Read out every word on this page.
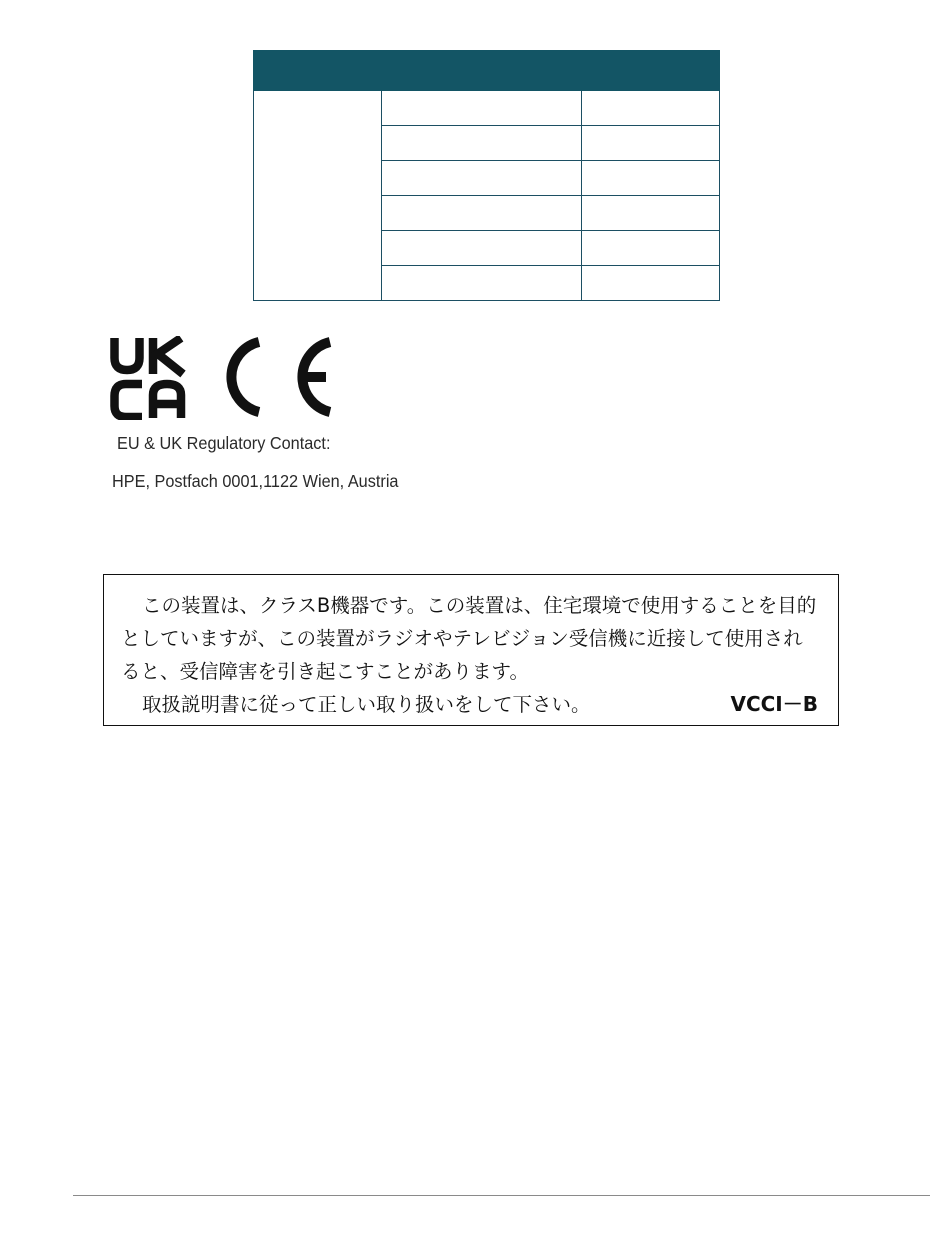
EU & UK Regulatory Contact:
HPE, Postfach 0001,1122 Wien, Austria
この装置は、クラスB機器です。この装置は、住宅環境で使用することを目的
としていますが、この装置がラジオやテレビジョン受信機に近接して使用され
ると、受信障害を引き起こすことがあります。
取扱説明書に従って正しい取り扱いをして下さい。	VCCI－B
